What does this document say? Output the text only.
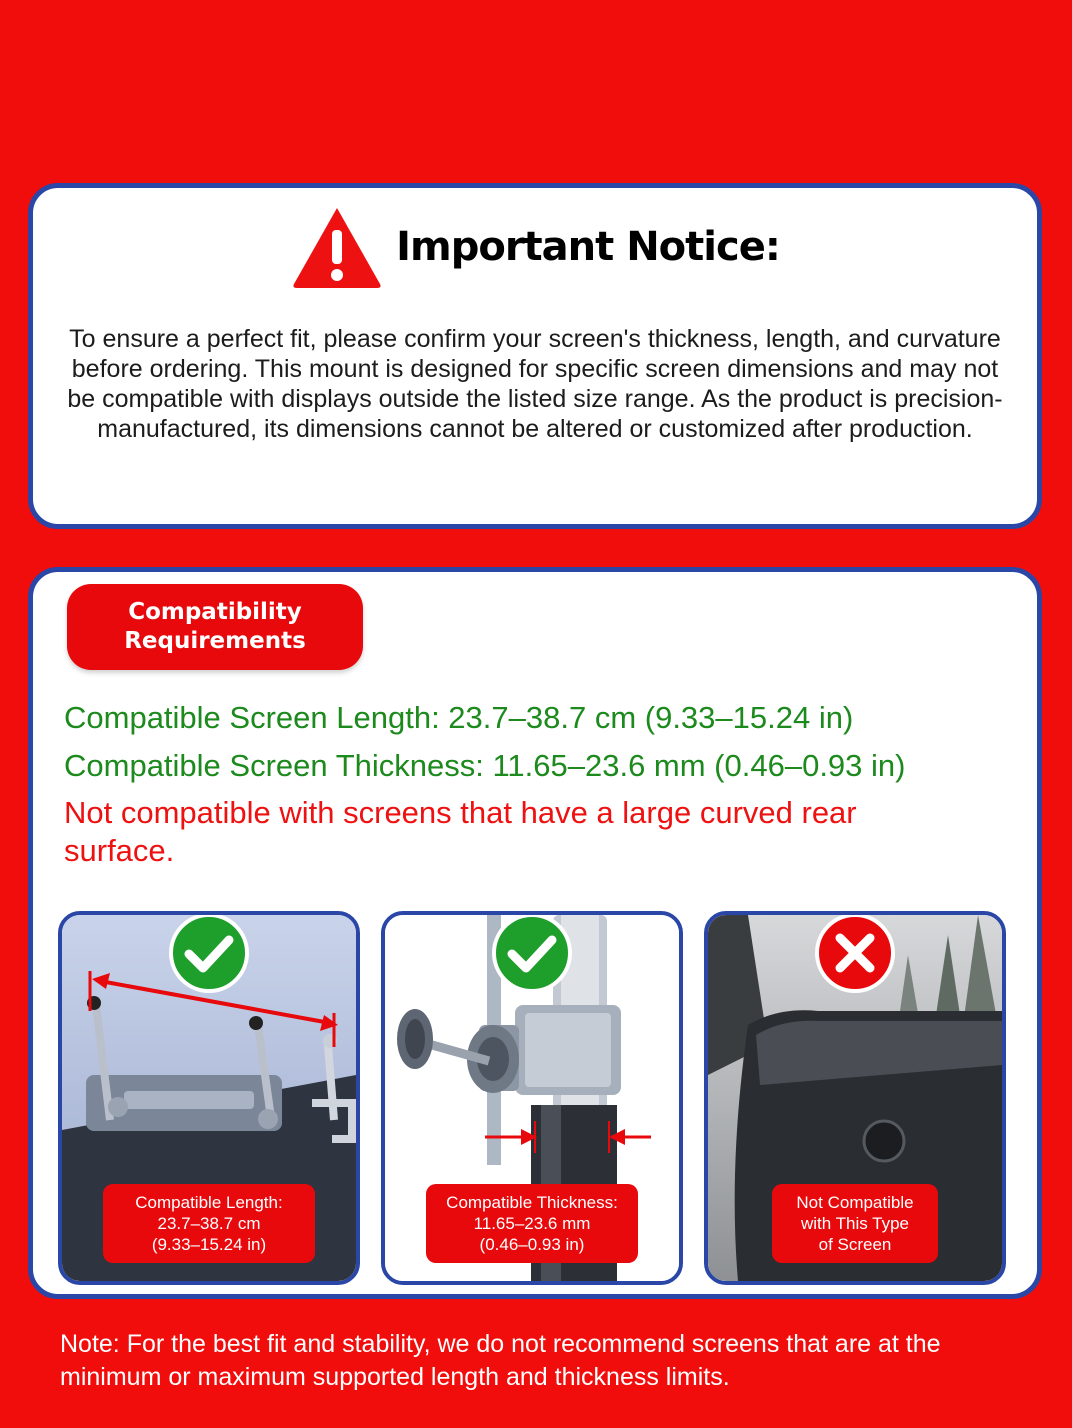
Important Notice:
To ensure a perfect fit, please confirm your screen's thickness, length, and curvature before ordering. This mount is designed for specific screen dimensions and may not be compatible with displays outside the listed size range. As the product is precision-manufactured, its dimensions cannot be altered or customized after production.
Compatibility Requirements
Compatible Screen Length: 23.7–38.7 cm (9.33–15.24 in)
Compatible Screen Thickness: 11.65–23.6 mm (0.46–0.93 in)
Not compatible with screens that have a large curved rear surface.
Compatible Length:
23.7–38.7 cm
(9.33–15.24 in)
Compatible Thickness:
11.65–23.6 mm
(0.46–0.93 in)
Not Compatible
with This Type
of Screen
Note: For the best fit and stability, we do not recommend screens that are at the minimum or maximum supported length and thickness limits.
